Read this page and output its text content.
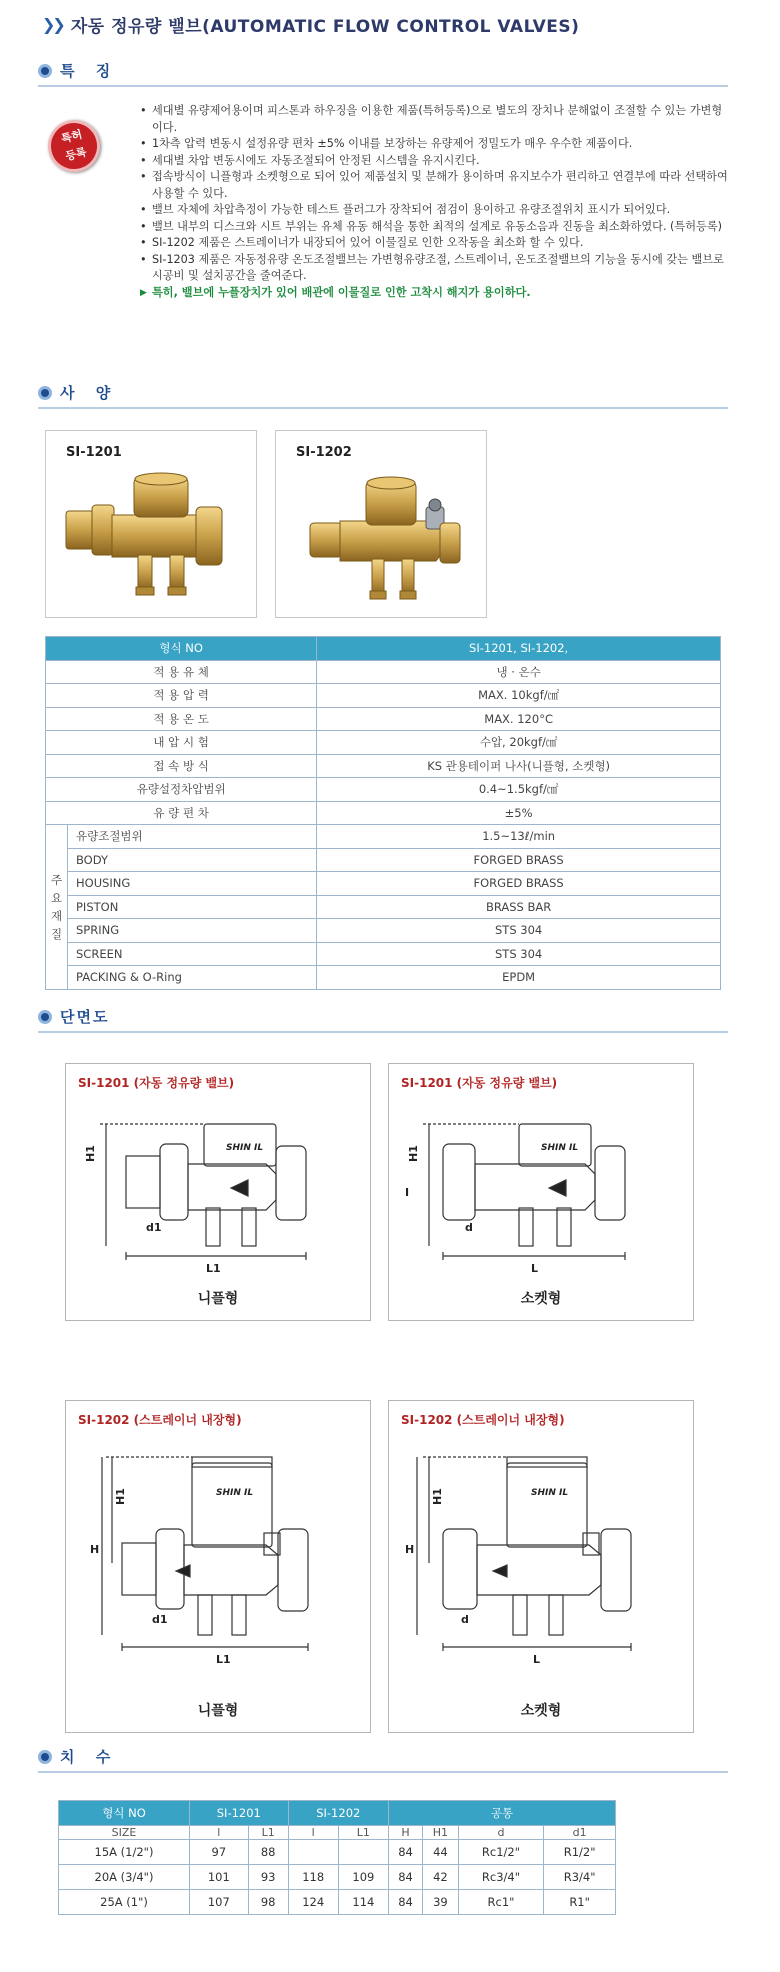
❯❯ 자동 정유량 밸브(AUTOMATIC FLOW CONTROL VALVES)
특 징
특허
등록
• 세대별 유량제어용이며 피스톤과 하우징을 이용한 제품(특허등록)으로 별도의 장치나 분해없이 조절할 수 있는 가변형이다.
• 1차측 압력 변동시 설정유량 편차 ±5% 이내를 보장하는 유량제어 정밀도가 매우 우수한 제품이다.
• 세대별 차압 변동시에도 자동조절되어 안정된 시스템을 유지시킨다.
• 접속방식이 니플형과 소켓형으로 되어 있어 제품설치 및 분해가 용이하며 유지보수가 편리하고 연결부에 따라 선택하여 사용할 수 있다.
• 밸브 자체에 차압측정이 가능한 테스트 플러그가 장착되어 점검이 용이하고 유량조절위치 표시가 되어있다.
• 밸브 내부의 디스크와 시트 부위는 유체 유동 해석을 통한 최적의 설계로 유동소음과 진동을 최소화하였다. (특허등록)
• SI-1202 제품은 스트레이너가 내장되어 있어 이물질로 인한 오작동을 최소화 할 수 있다.
• SI-1203 제품은 자동정유량 온도조절밸브는 가변형유량조절, 스트레이너, 온도조절밸브의 기능을 동시에 갖는 밸브로 시공비 및 설치공간을 줄여준다.
▶ 특히, 밸브에 누플장치가 있어 배관에 이물질로 인한 고착시 해지가 용이하다.
사 양
SI-1201	SI-1202
형식 NO		SI-1201, SI-1202,
적 용 유 체		냉 · 온수
적 용 압 력		MAX. 10kgf/㎠
적 용 온 도		MAX. 120°C
내 압 시 험		수압, 20kgf/㎠
접 속 방 식		KS 관용테이퍼 나사(니플형, 소켓형)
유량설정차압범위		0.4~1.5kgf/㎠
유 량 편 차		±5%

주
요
재
질	유량조절범위	1.5~13ℓ/min
	BODY	FORGED BRASS
	HOUSING	FORGED BRASS
	PISTON	BRASS BAR
	SPRING	STS 304
	SCREEN	STS 304
	PACKING & O-Ring	EPDM
단면도
SI-1201 (자동 정유량 밸브)
H1
d1
L1
SHIN IL
니플형
SI-1201 (자동 정유량 밸브)
H1
I
d
L
SHIN IL
소켓형
SI-1202 (스트레이너 내장형)
H
H1
d1
L1
SHIN IL
니플형
SI-1202 (스트레이너 내장형)
H
H1
d
L
SHIN IL
소켓형
치 수
형식 NO	SI-1201		SI-1202		공통			
SIZE	l	L1	l	L1	H	H1	d	d1
15A (1/2")	97	88			84	44	Rc1/2"	R1/2"
20A (3/4")	101	93	118	109	84	42	Rc3/4"	R3/4"
25A (1")	107	98	124	114	84	39	Rc1"	R1"
